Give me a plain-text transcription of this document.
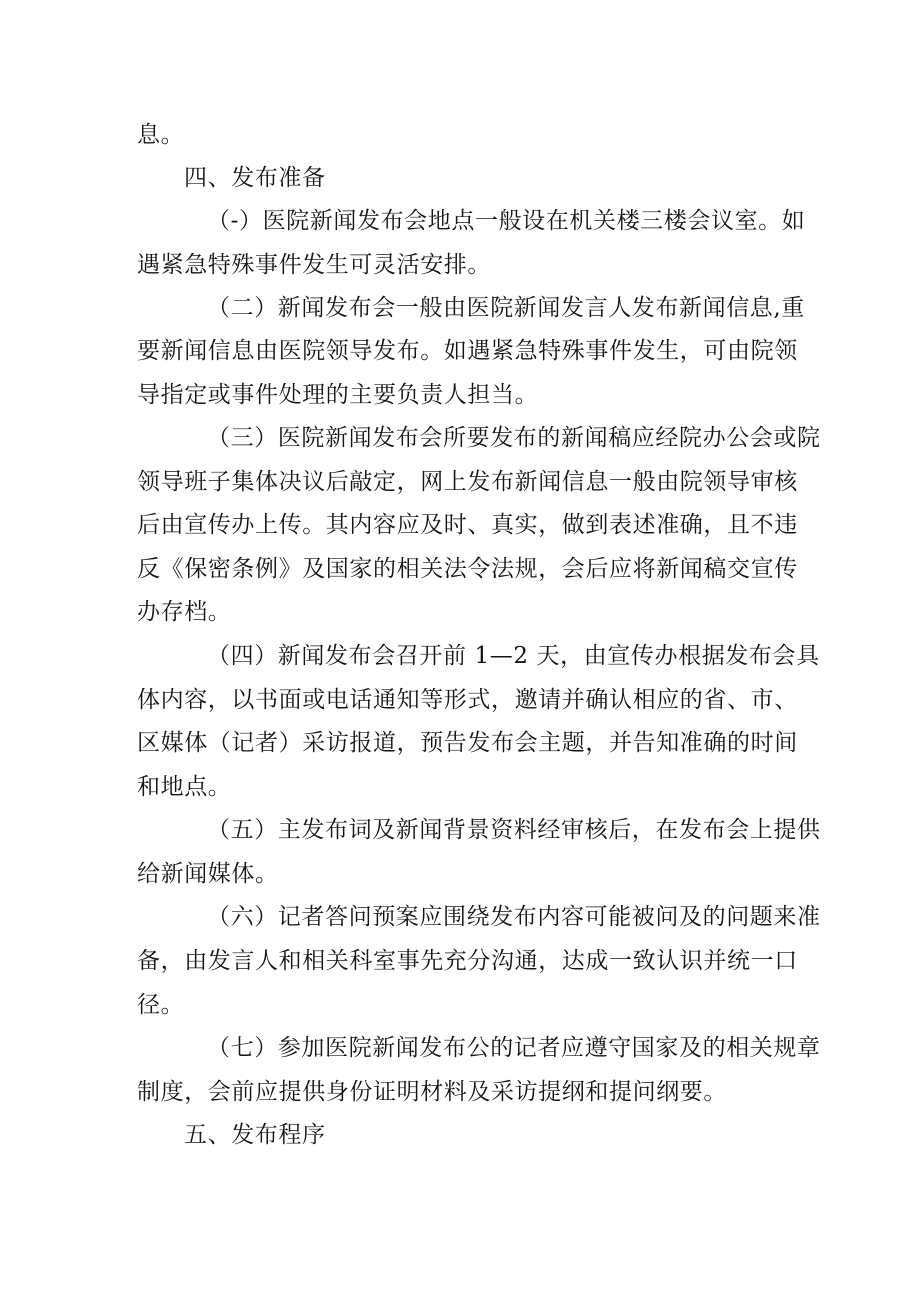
息。
四、发布准备
（-）医院新闻发布会地点一般设在机关楼三楼会议室。如
遇紧急特殊事件发生可灵活安排。
（二）新闻发布会一般由医院新闻发言人发布新闻信息,重
要新闻信息由医院领导发布。如遇紧急特殊事件发生，可由院领
导指定或事件处理的主要负责人担当。
（三）医院新闻发布会所要发布的新闻稿应经院办公会或院
领导班子集体决议后敲定，网上发布新闻信息一般由院领导审核
后由宣传办上传。其内容应及时、真实，做到表述准确，且不违
反《保密条例》及国家的相关法令法规，会后应将新闻稿交宣传
办存档。
（四）新闻发布会召开前 1—2 天，由宣传办根据发布会具
体内容，以书面或电话通知等形式，邀请并确认相应的省、市、
区媒体（记者）采访报道，预告发布会主题，并告知准确的时间
和地点。
（五）主发布词及新闻背景资料经审核后，在发布会上提供
给新闻媒体。
（六）记者答问预案应围绕发布内容可能被问及的问题来准
备，由发言人和相关科室事先充分沟通，达成一致认识并统一口
径。
（七）参加医院新闻发布公的记者应遵守国家及的相关规章
制度，会前应提供身份证明材料及采访提纲和提问纲要。
五、发布程序
